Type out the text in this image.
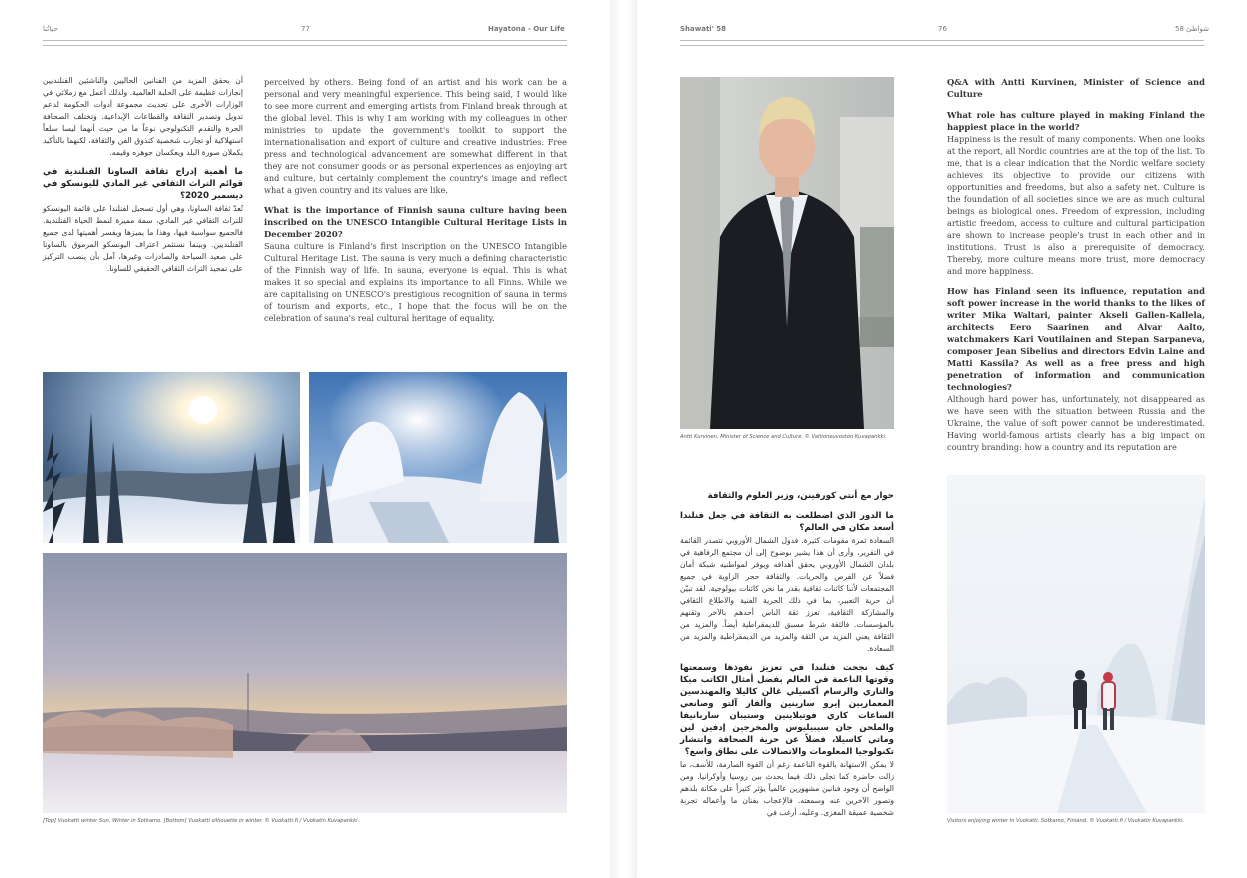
حياتُنا	77	Hayatona - Our Life

أن يحقق المزيد من الفنانين الحاليين والناشئين الفنلنديين إنجازات عظيمة على الحلبة العالمية. ولذلك أعمل مع زملائي في الوزارات الأخرى على تحديث مجموعة أدوات الحكومة لدعم تدويل وتصدير الثقافة والقطاعات الإبداعية. وتختلف الصحافة الحرة والتقدم التكنولوجي نوعاً ما من حيث أنهما ليسا سلعاً استهلاكية أو تجارب شخصية كتذوق الفن والثقافة، لكنهما بالتأكيد يكملان صورة البلد ويعكسان جوهره وقيمه.

ما أهمية إدراج ثقافة الساونا الفنلندية في قوائم التراث الثقافي غير المادي لليونسكو في ديسمبر 2020؟

تُعدّ ثقافة الساونا، وهي أول تسجيل لفنلندا على قائمة اليونسكو للتراث الثقافي غير المادي، سمة مميزة لنمط الحياة الفنلندية. فالجميع سواسية فيها، وهذا ما يميزها ويفسر أهميتها لدى جميع الفنلنديين. وبينما نستثمر اعتراف اليونسكو المرموق بالساونا على صعيد السياحة والصادرات وغيرها، آمل بأن ينصب التركيز على تمجيد التراث الثقافي الحقيقي للساونا.

perceived by others. Being fond of an artist and his work can be a personal and very meaningful experience. This being said, I would like to see more current and emerging artists from Finland break through at the global level. This is why I am working with my colleagues in other ministries to update the government's toolkit to support the internationalisation and export of culture and creative industries. Free press and technological advancement are somewhat different in that they are not consumer goods or as personal experiences as enjoying art and culture, but certainly complement the country's image and reflect what a given country and its values are like.

What is the importance of Finnish sauna culture having been inscribed on the UNESCO Intangible Cultural Heritage Lists in December 2020?

Sauna culture is Finland's first inscription on the UNESCO Intangible Cultural Heritage List. The sauna is very much a defining characteristic of the Finnish way of life. In sauna, everyone is equal. This is what makes it so special and explains its importance to all Finns. While we are capitalising on UNESCO's prestigious recognition of sauna in terms of tourism and exports, etc., I hope that the focus will be on the celebration of sauna's real cultural heritage of equality.

[Top] Vuokatti winter Sun. Winter in Sotkamo. [Bottom] Vuokatti silhouette in winter. © Vuokatti.fi / Vuokatin Kuvapankki.
Shawati' 58	76	شواطئ 58
Antti Kurvinen, Minister of Science and Culture. © Valtioneuvoston Kuvapankki.
Q&A with Antti Kurvinen, Minister of Science and Culture
What role has culture played in making Finland the happiest place in the world?

Happiness is the result of many components. When one looks at the report, all Nordic countries are at the top of the list. To me, that is a clear indication that the Nordic welfare society achieves its objective to provide our citizens with opportunities and freedoms, but also a safety net. Culture is the foundation of all societies since we are as much cultural beings as biological ones. Freedom of expression, including artistic freedom, access to culture and cultural participation are shown to increase people's trust in each other and in institutions. Trust is also a prerequisite of democracy. Thereby, more culture means more trust, more democracy and more happiness.

How has Finland seen its influence, reputation and soft power increase in the world thanks to the likes of writer Mika Waltari, painter Akseli Gallen-Kallela, architects Eero Saarinen and Alvar Aalto, watchmakers Kari Voutilainen and Stepan Sarpaneva, composer Jean Sibelius and directors Edvin Laine and Matti Kassila? As well as a free press and high penetration of information and communication technologies?

Although hard power has, unfortunately, not disappeared as we have seen with the situation between Russia and the Ukraine, the value of soft power cannot be underestimated. Having world-famous artists clearly has a big impact on country branding: how a country and its reputation are

حوار مع أنتي كورفينن، وزير العلوم والثقافة
ما الدور الذي اضطلعت به الثقافة في جعل فنلندا أسعد مكان في العالم؟

السعادة ثمرة مقومات كثيرة. فدول الشمال الأوروبي تتصدر القائمة في التقرير، وأرى أن هذا يشير بوضوح إلى أن مجتمع الرفاهية في بلدان الشمال الأوروبي يحقق أهدافه ويوفر لمواطنيه شبكة أمان فضلاً عن الفرص والحريات. والثقافة حجر الزاوية في جميع المجتمعات لأننا كائنات ثقافية بقدر ما نحن كائنات بيولوجية. لقد تبيّن أن حرية التعبير، بما في ذلك الحرية الفنية والاطلاع الثقافي والمشاركة الثقافية، تعزز ثقة الناس أحدهم بالآخر وثقتهم بالمؤسسات. فالثقة شرط مسبق للديمقراطية أيضاً. والمزيد من الثقافة يعني المزيد من الثقة والمزيد من الديمقراطية والمزيد من السعادة.

كيف نجحت فنلندا في تعزيز نفوذها وسمعتها وقوتها الناعمة في العالم بفضل أمثال الكاتب ميكا والتاري والرسام أكسيلي غالن كاليلا والمهندسين المعماريين إيرو سارينين وألفار آلتو وصانعي الساعات كاري فوتيلاينين وستيبان ساربانيفا والملحن جان سيبيليوس والمخرجين إدفين لين وماتي كاسيلا، فضلاً عن حرية الصحافة وانتشار تكنولوجيا المعلومات والاتصالات على نطاق واسع؟

لا يمكن الاستهانة بالقوة الناعمة رغم أن القوة الصارمة، للأسف، ما زالت حاضرة كما تجلى ذلك فيما يحدث بين روسيا وأوكرانيا. ومن الواضح أن وجود فنانين مشهورين عالمياً يؤثر كثيراً على مكانة بلدهم وتصور الآخرين عنه وسمعته. فالإعجاب بفنان ما وأعماله تجربة شخصية عميقة المغزى. وعليه، أرغب في

Visitors enjoying winter in Vuokatti, Sotkamo, Finland. © Vuokatti.fi / Vuokatin Kuvapankki.
